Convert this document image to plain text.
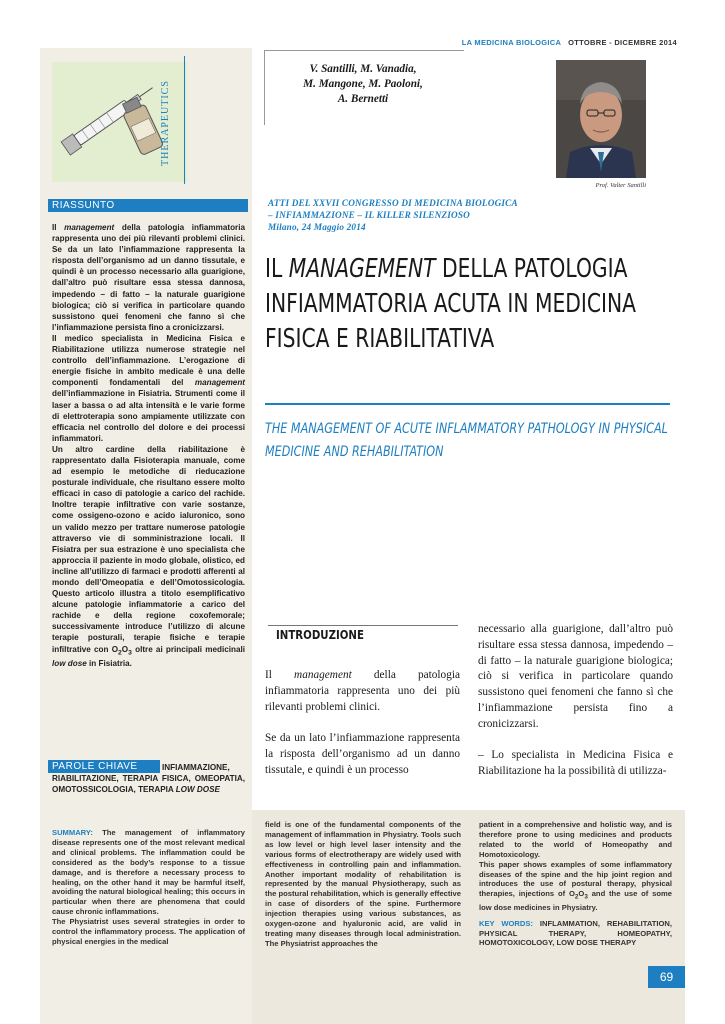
LA MEDICINA BIOLOGICA OTTOBRE - DICEMBRE 2014
THERAPEUTICS
V. Santilli, M. Vanadia,
M. Mangone, M. Paoloni,
A. Bernetti
Prof. Valter Santilli
RIASSUNTO

Il management della patologia infiammatoria rappresenta uno dei più rilevanti problemi clinici. Se da un lato l’infiammazione rappresenta la risposta dell’organismo ad un danno tissutale, e quindi è un processo necessario alla guarigione, dall’altro può risultare essa stessa dannosa, impedendo – di fatto – la naturale guarigione biologica; ciò si verifica in particolare quando sussistono quei fenomeni che fanno sì che l’infiammazione persista fino a cronicizzarsi.

Il medico specialista in Medicina Fisica e Riabilitazione utilizza numerose strategie nel controllo dell’infiammazione. L’erogazione di energie fisiche in ambito medicale è una delle componenti fondamentali del management dell’infiammazione in Fisiatria. Strumenti come il laser a bassa o ad alta intensità e le varie forme di elettroterapia sono ampiamente utilizzate con efficacia nel controllo del dolore e dei processi infiammatori.

Un altro cardine della riabilitazione è rappresentato dalla Fisioterapia manuale, come ad esempio le metodiche di rieducazione posturale individuale, che risultano essere molto efficaci in caso di patologie a carico del rachide. Inoltre terapie infiltrative con varie sostanze, come ossigeno-ozono e acido ialuronico, sono un valido mezzo per trattare numerose patologie attraverso vie di somministrazione locali. Il Fisiatra per sua estrazione è uno specialista che approccia il paziente in modo globale, olistico, ed incline all’utilizzo di farmaci e prodotti afferenti al mondo dell’Omeopatia e dell’Omotossicologia. Questo articolo illustra a titolo esemplificativo alcune patologie infiammatorie a carico del rachide e della regione coxofemorale; successivamente introduce l’utilizzo di alcune terapie posturali, terapie fisiche e terapie infiltrative con $O_2O_3$ oltre ai principali medicinali low dose in Fisiatria.

PAROLE CHIAVE	INFIAMMAZIONE, RIABILITAZIONE, TERAPIA FISICA, OMEOPATIA, OMOTOSSICOLOGIA, TERAPIA LOW DOSE
ATTI DEL XXVII CONGRESSO DI MEDICINA BIOLOGICA
– INFIAMMAZIONE – IL KILLER SILENZIOSO
Milano, 24 Maggio 2014
IL MANAGEMENT DELLA PATOLOGIA INFIAMMATORIA ACUTA IN MEDICINA FISICA E RIABILITATIVA
THE MANAGEMENT OF ACUTE INFLAMMATORY PATHOLOGY IN PHYSICAL MEDICINE AND REHABILITATION
INTRODUZIONE

Il management della patologia infiammatoria rappresenta uno dei più rilevanti problemi clinici.

Se da un lato l’infiammazione rappresenta la risposta dell’organismo ad un danno tissutale, e quindi è un processo

necessario alla guarigione, dall’altro può risultare essa stessa dannosa, impedendo – di fatto – la naturale guarigione biologica; ciò si verifica in particolare quando sussistono quei fenomeni che fanno sì che l’infiammazione persista fino a cronicizzarsi.

– Lo specialista in Medicina Fisica e Riabilitazione ha la possibilità di utilizza-

SUMMARY: The management of inflammatory disease represents one of the most relevant medical and clinical problems. The inflammation could be considered as the body’s response to a tissue damage, and is therefore a necessary process to healing, on the other hand it may be harmful itself, avoiding the natural biological healing; this occurs in particular when there are phenomena that could cause chronic inflammations.

The Physiatrist uses several strategies in order to control the inflammatory process. The application of physical energies in the medical

field is one of the fundamental components of the management of inflammation in Physiatry. Tools such as low level or high level laser intensity and the various forms of electrotherapy are widely used with effectiveness in controlling pain and inflammation. Another important modality of rehabilitation is represented by the manual Physiotherapy, such as the postural rehabilitation, which is generally effective in case of disorders of the spine. Furthermore injection therapies using various substances, as oxygen-ozone and hyaluronic acid, are valid in treating many diseases through local administration. The Physiatrist approaches the

patient in a comprehensive and holistic way, and is therefore prone to using medicines and products related to the world of Homeopathy and Homotoxicology.

This paper shows examples of some inflammatory diseases of the spine and the hip joint region and introduces the use of postural therapy, physical therapies, injections of $O_2O_3$ and the use of some low dose medicines in Physiatry.

KEY WORDS: INFLAMMATION, REHABILITATION, PHYSICAL THERAPY, HOMEOPATHY, HOMOTOXICOLOGY, LOW DOSE THERAPY

69
